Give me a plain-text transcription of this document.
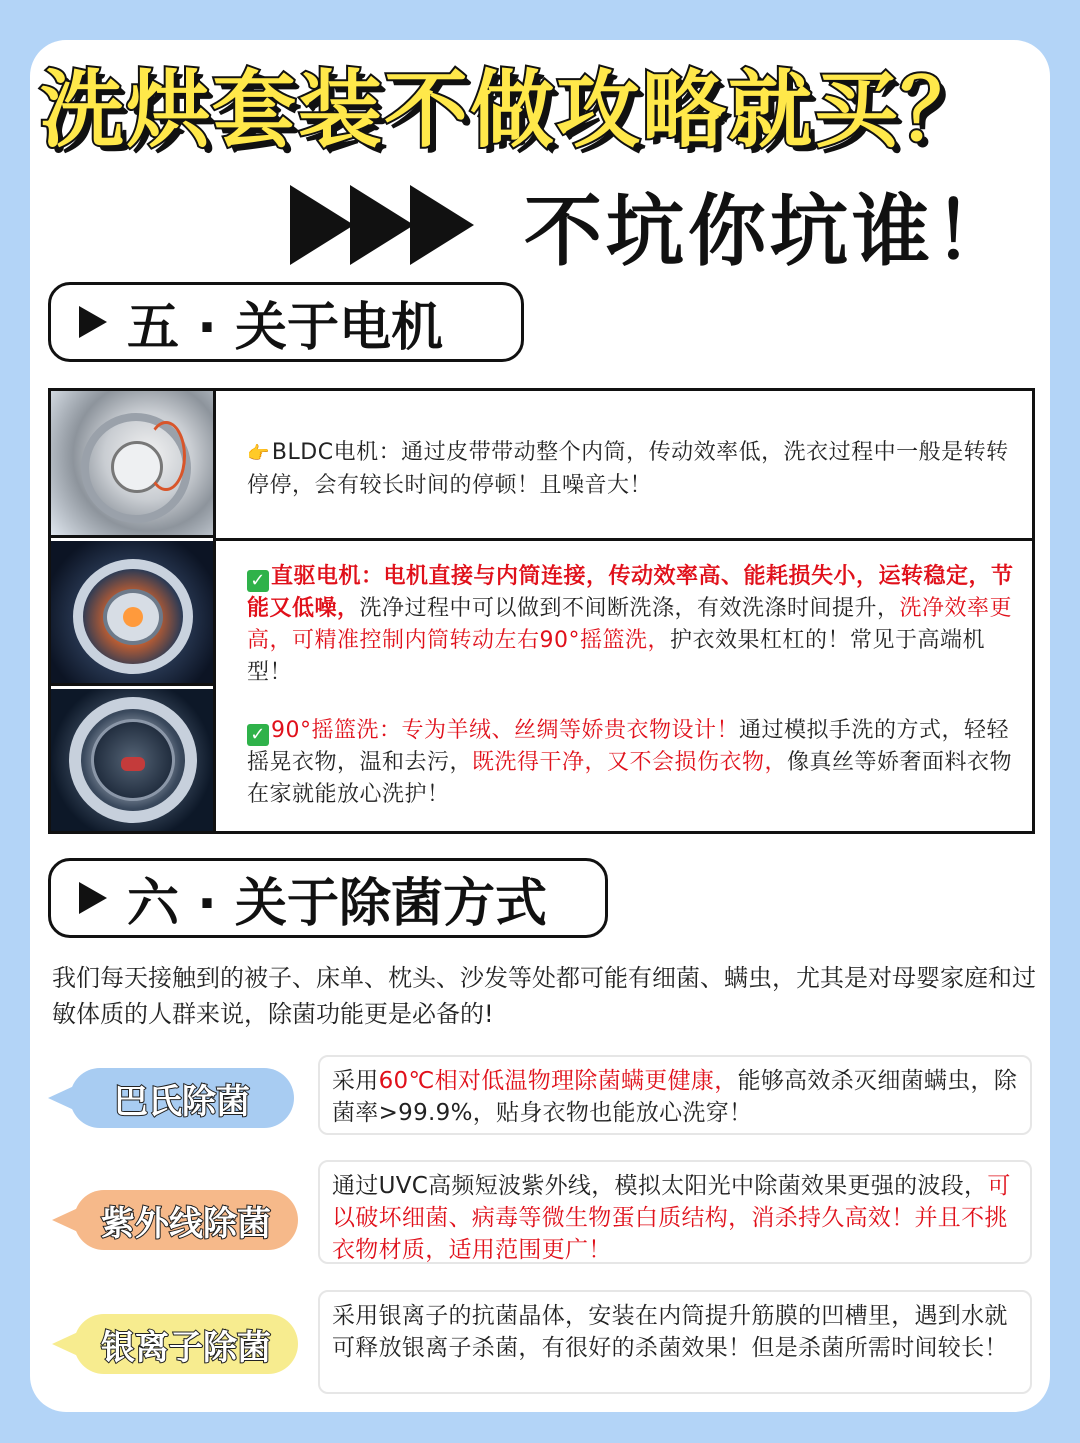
洗烘套装不做攻略就买？
不坑你坑谁！
五 · 关于电机
👉BLDC电机：通过皮带带动整个内筒，传动效率低，洗衣过程中一般是转转停停，会有较长时间的停顿！且噪音大！
✓ 直驱电机：电机直接与内筒连接，传动效率高、能耗损失小，运转稳定，节能又低噪，洗净过程中可以做到不间断洗涤，有效洗涤时间提升，洗净效率更高，可精准控制内筒转动左右90°摇篮洗，护衣效果杠杠的！常见于高端机型！
✓ 90°摇篮洗：专为羊绒、丝绸等娇贵衣物设计！通过模拟手洗的方式，轻轻摇晃衣物，温和去污，既洗得干净，又不会损伤衣物，像真丝等娇奢面料衣物在家就能放心洗护！
六 · 关于除菌方式
我们每天接触到的被子、床单、枕头、沙发等处都可能有细菌、螨虫，尤其是对母婴家庭和过敏体质的人群来说，除菌功能更是必备的!
巴氏除菌
采用60℃相对低温物理除菌螨更健康，能够高效杀灭细菌螨虫，除菌率>99.9%，贴身衣物也能放心洗穿！
紫外线除菌
通过UVC高频短波紫外线，模拟太阳光中除菌效果更强的波段，可以破坏细菌、病毒等微生物蛋白质结构，消杀持久高效！并且不挑衣物材质，适用范围更广！
银离子除菌
采用银离子的抗菌晶体，安装在内筒提升筋膜的凹槽里，遇到水就可释放银离子杀菌，有很好的杀菌效果！但是杀菌所需时间较长！
